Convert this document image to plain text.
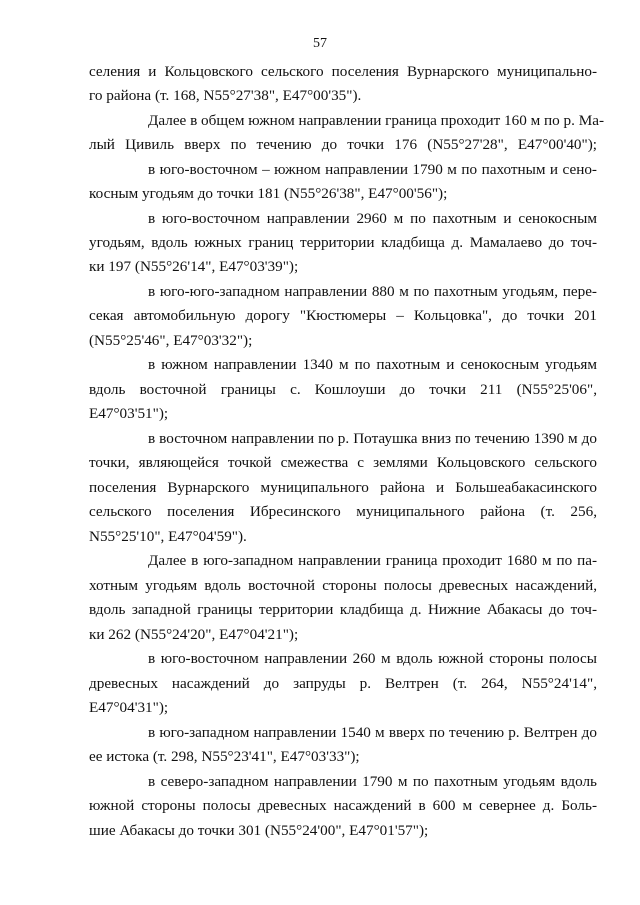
57
селения и Кольцовского сельского поселения Вурнарского муниципально-
го района (т. 168, N55°27'38", E47°00'35").
Далее в общем южном направлении граница проходит 160 м по р. Ма-
лый Цивиль вверх по течению до точки 176 (N55°27'28", E47°00'40");
в юго-восточном – южном направлении 1790 м по пахотным и сено-
косным угодьям до точки 181 (N55°26'38", E47°00'56");
в юго-восточном направлении 2960 м по пахотным и сенокосным
угодьям, вдоль южных границ территории кладбища д. Мамалаево до точ-
ки 197 (N55°26'14", E47°03'39");
в юго-юго-западном направлении 880 м по пахотным угодьям, пере-
секая автомобильную дорогу "Кюстюмеры – Кольцовка", до точки 201
(N55°25'46", E47°03'32");
в южном направлении 1340 м по пахотным и сенокосным угодьям
вдоль восточной границы с. Кошлоуши до точки 211 (N55°25'06",
E47°03'51");
в восточном направлении по р. Потаушка вниз по течению 1390 м до
точки, являющейся точкой смежества с землями Кольцовского сельского
поселения Вурнарского муниципального района и Большеабакасинского
сельского поселения Ибресинского муниципального района (т. 256,
N55°25'10", E47°04'59").
Далее в юго-западном направлении граница проходит 1680 м по па-
хотным угодьям вдоль восточной стороны полосы древесных насаждений,
вдоль западной границы территории кладбища д. Нижние Абакасы до точ-
ки 262 (N55°24'20", E47°04'21");
в юго-восточном направлении 260 м вдоль южной стороны полосы
древесных насаждений до запруды р. Велтрен (т. 264, N55°24'14",
E47°04'31");
в юго-западном направлении 1540 м вверх по течению р. Велтрен до
ее истока (т. 298, N55°23'41", E47°03'33");
в северо-западном направлении 1790 м по пахотным угодьям вдоль
южной стороны полосы древесных насаждений в 600 м севернее д. Боль-
шие Абакасы до точки 301 (N55°24'00", E47°01'57");
